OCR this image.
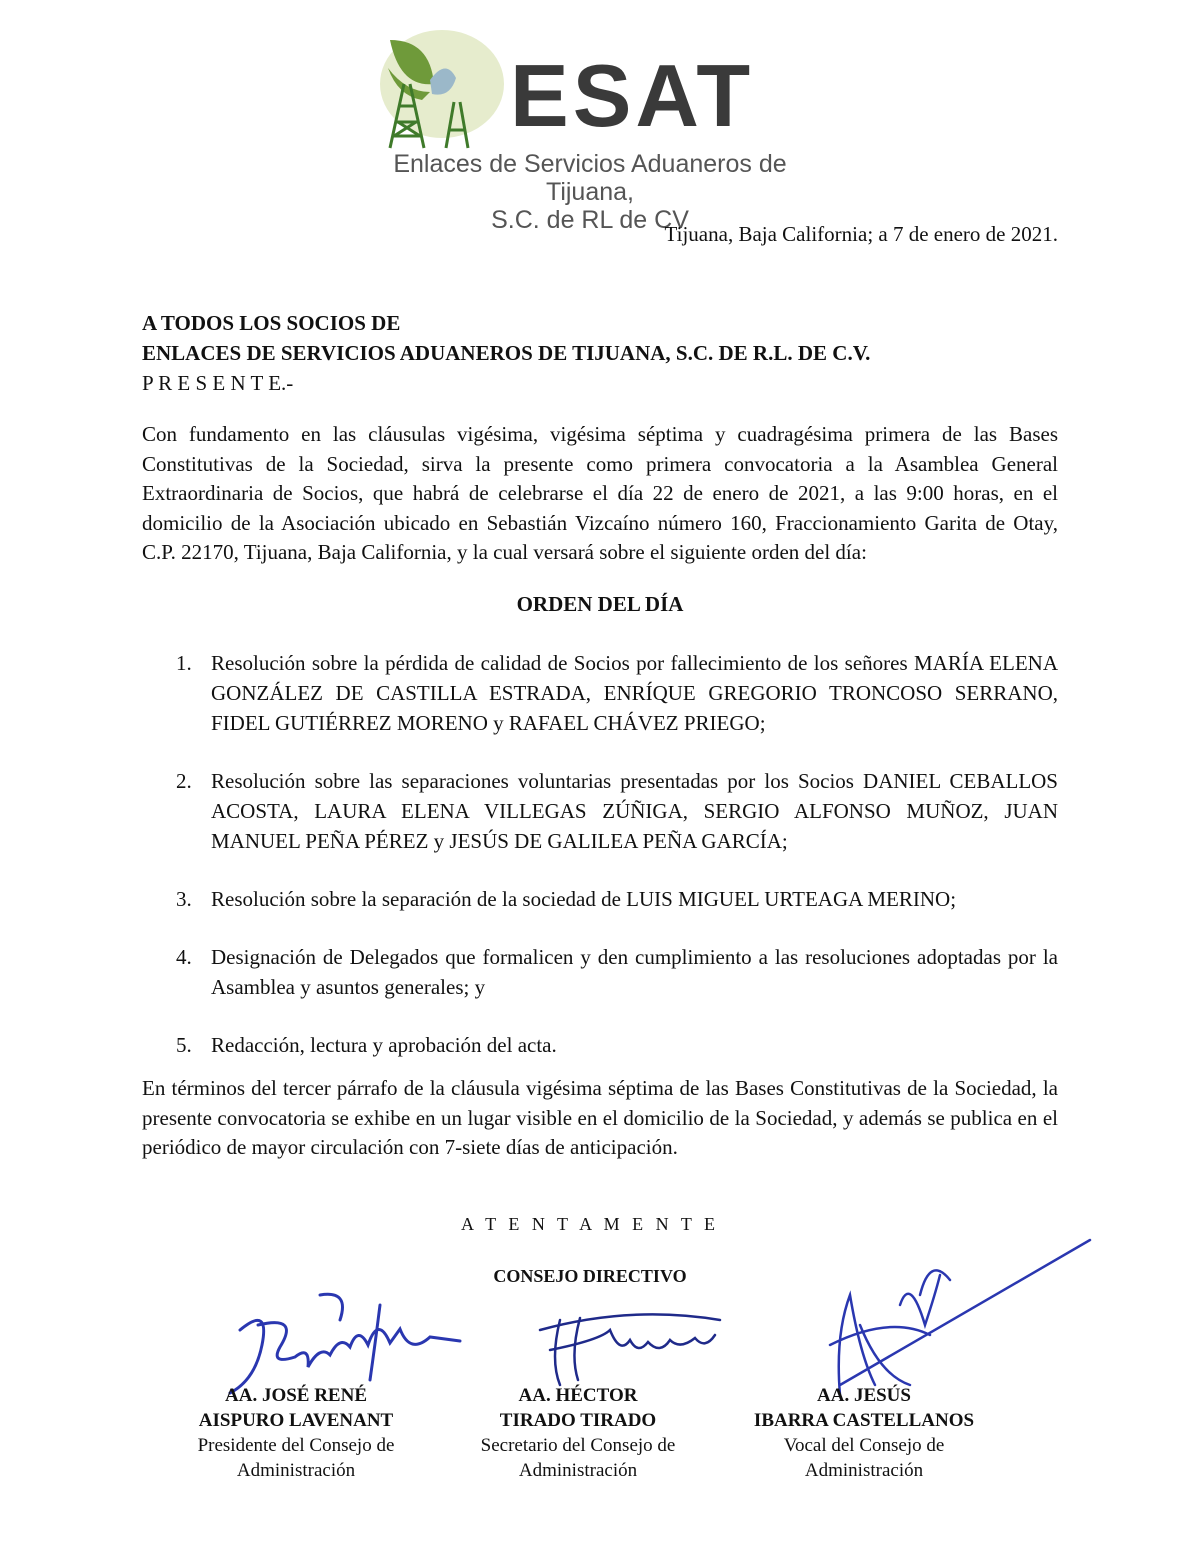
ESAT
Enlaces de Servicios Aduaneros de Tijuana,
S.C. de RL de CV
Tijuana, Baja California; a 7 de enero de 2021.
A TODOS LOS SOCIOS DE
ENLACES DE SERVICIOS ADUANEROS DE TIJUANA, S.C. DE R.L. DE C.V.
P R E S E N T E.-

Con fundamento en las cláusulas vigésima, vigésima séptima y cuadragésima primera de las Bases Constitutivas de la Sociedad, sirva la presente como primera convocatoria a la Asamblea General Extraordinaria de Socios, que habrá de celebrarse el día 22 de enero de 2021, a las 9:00 horas, en el domicilio de la Asociación ubicado en Sebastián Vizcaíno número 160, Fraccionamiento Garita de Otay, C.P. 22170, Tijuana, Baja California, y la cual versará sobre el siguiente orden del día:

ORDEN DEL DÍA
1. Resolución sobre la pérdida de calidad de Socios por fallecimiento de los señores MARÍA ELENA GONZÁLEZ DE CASTILLA ESTRADA, ENRÍQUE GREGORIO TRONCOSO SERRANO, FIDEL GUTIÉRREZ MORENO y RAFAEL CHÁVEZ PRIEGO;
2. Resolución sobre las separaciones voluntarias presentadas por los Socios DANIEL CEBALLOS ACOSTA, LAURA ELENA VILLEGAS ZÚÑIGA, SERGIO ALFONSO MUÑOZ, JUAN MANUEL PEÑA PÉREZ y JESÚS DE GALILEA PEÑA GARCÍA;
3. Resolución sobre la separación de la sociedad de LUIS MIGUEL URTEAGA MERINO;
4. Designación de Delegados que formalicen y den cumplimiento a las resoluciones adoptadas por la Asamblea y asuntos generales; y
5. Redacción, lectura y aprobación del acta.

En términos del tercer párrafo de la cláusula vigésima séptima de las Bases Constitutivas de la Sociedad, la presente convocatoria se exhibe en un lugar visible en el domicilio de la Sociedad, y además se publica en el periódico de mayor circulación con 7-siete días de anticipación.

A T E N T A M E N T E
CONSEJO DIRECTIVO
AA. JOSÉ RENÉ
AISPURO LAVENANT
Presidente del Consejo de
Administración
AA. HÉCTOR
TIRADO TIRADO
Secretario del Consejo de
Administración
AA. JESÚS
IBARRA CASTELLANOS
Vocal del Consejo de
Administración
